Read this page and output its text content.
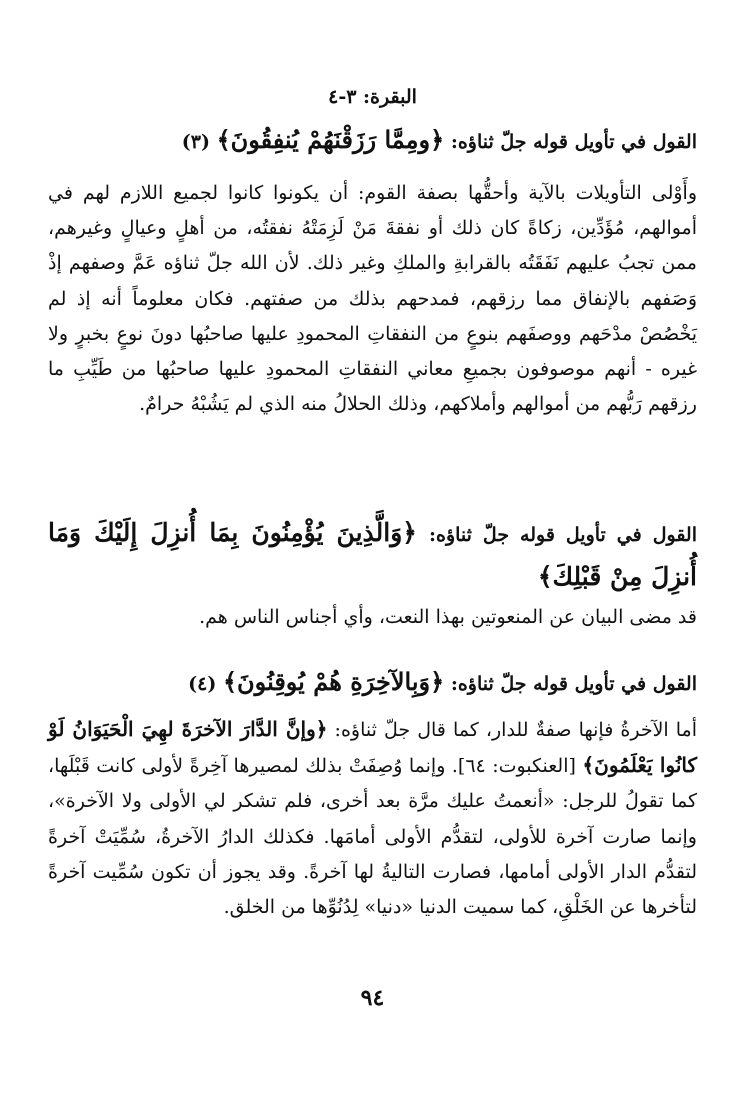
البقرة: ٣-٤
القول في تأويل قوله جلّ ثناؤه: ﴿ومِمَّا رَزَقْنَهُمْ يُنفِقُونَ﴾ (٣)
وأَوْلى التأويلات بالآية وأحقُّها بصفة القوم: أن يكونوا كانوا لجميع اللازم لهم في أموالهم، مُؤَدِّين، زكاةً كان ذلك أو نفقةَ مَنْ لَزِمَتْهُ نفقتُه، من أهلٍ وعيالٍ وغيرهم، ممن تجبُ عليهم نَفَقَتُه بالقرابةِ والملكِ وغير ذلك. لأن الله جلّ ثناؤه عَمَّ وصفهم إذْ وَصَفهم بالإنفاق مما رزقهم، فمدحهم بذلك من صفتهم. فكان معلوماً أنه إذ لم يَخْصُصْ مدْحَهم ووصفَهم بنوعٍ من النفقاتِ المحمودِ عليها صاحبُها دونَ نوعٍ بخبرٍ ولا غيره - أنهم موصوفون بجميعِ معاني النفقاتِ المحمودِ عليها صاحبُها من طَيِّبِ ما رزقهم رَبُّهم من أموالهم وأملاكهم، وذلك الحلالُ منه الذي لم يَشُبْهُ حرامٌ.
القول في تأويل قوله جلّ ثناؤه: ﴿وَالَّذِينَ يُؤْمِنُونَ بِمَا أُنزِلَ إِلَيْكَ وَمَا أُنزِلَ مِنْ قَبْلِكَ﴾
قد مضى البيان عن المنعوتين بهذا النعت، وأي أجناس الناس هم.
القول في تأويل قوله جلّ ثناؤه: ﴿وَبِالآخِرَةِ هُمْ يُوقِنُونَ﴾ (٤)
أما الآخرةُ فإنها صفةٌ للدار، كما قال جلّ ثناؤه: ﴿وإنَّ الدَّارَ الآخرَةَ لهِيَ الْحَيَوَانُ لَوْ كانُوا يَعْلَمُونَ﴾ [العنكبوت: ٦٤]. وإنما وُصِفَتْ بذلك لمصيرها آخِرةً لأولى كانت قَبْلَها، كما تقولُ للرجل: «أنعمتُ عليك مرَّة بعد أخرى، فلم تشكر لي الأولى ولا الآخرة»، وإنما صارت آخرة للأولى، لتقدُّم الأولى أمامَها. فكذلك الدارُ الآخرةُ، سُمِّيَتْ آخرةً لتقدُّم الدار الأولى أمامها، فصارت التاليةُ لها آخرةً. وقد يجوز أن تكون سُمِّيت آخرةً لتأخرها عن الخَلْقِ، كما سميت الدنيا «دنيا» لِدُنُوِّها من الخلق.
٩٤
